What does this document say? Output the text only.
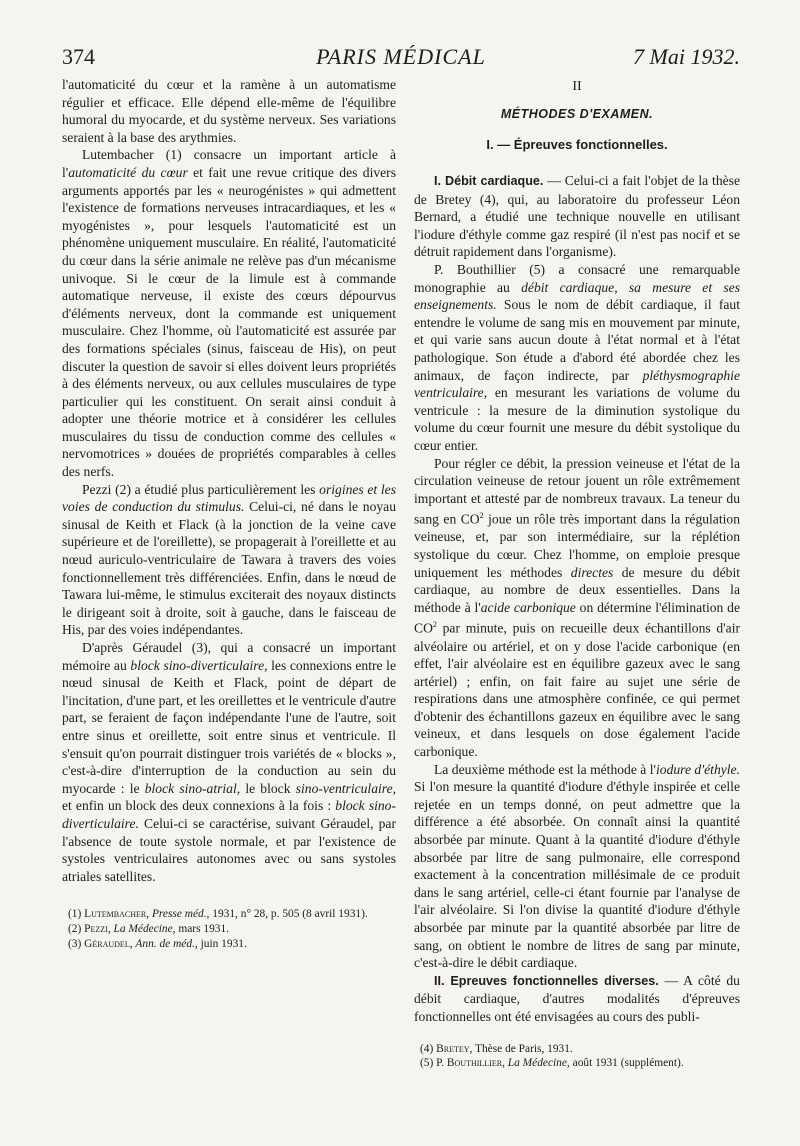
374	PARIS MÉDICAL	7 Mai 1932.

l'automaticité du cœur et la ramène à un automatisme régulier et efficace. Elle dépend elle-même de l'équilibre humoral du myocarde, et du système nerveux. Ses variations seraient à la base des arythmies.

Lutembacher (1) consacre un important article à l'automaticité du cœur et fait une revue critique des divers arguments apportés par les « neurogénistes » qui admettent l'existence de formations nerveuses intracardiaques, et les « myogénistes », pour lesquels l'automaticité est un phénomène uniquement musculaire. En réalité, l'automaticité du cœur dans la série animale ne relève pas d'un mécanisme univoque. Si le cœur de la limule est à commande automatique nerveuse, il existe des cœurs dépourvus d'éléments nerveux, dont la commande est uniquement musculaire. Chez l'homme, où l'automaticité est assurée par des formations spéciales (sinus, faisceau de His), on peut discuter la question de savoir si elles doivent leurs propriétés à des éléments nerveux, ou aux cellules musculaires de type particulier qui les constituent. On serait ainsi conduit à adopter une théorie motrice et à considérer les cellules musculaires du tissu de conduction comme des cellules « nervomotrices » douées de propriétés comparables à celles des nerfs.

Pezzi (2) a étudié plus particulièrement les origines et les voies de conduction du stimulus. Celui-ci, né dans le noyau sinusal de Keith et Flack (à la jonction de la veine cave supérieure et de l'oreillette), se propagerait à l'oreillette et au nœud auriculo-ventriculaire de Tawara à travers des voies fonctionnellement très différenciées. Enfin, dans le nœud de Tawara lui-même, le stimulus exciterait des noyaux distincts le dirigeant soit à droite, soit à gauche, dans le faisceau de His, par des voies indépendantes.

D'après Géraudel (3), qui a consacré un important mémoire au block sino-diverticulaire, les connexions entre le nœud sinusal de Keith et Flack, point de départ de l'incitation, d'une part, et les oreillettes et le ventricule d'autre part, se feraient de façon indépendante l'une de l'autre, soit entre sinus et oreillette, soit entre sinus et ventricule. Il s'ensuit qu'on pourrait distinguer trois variétés de « blocks », c'est-à-dire d'interruption de la conduction au sein du myocarde : le block sino-atrial, le block sino-ventriculaire, et enfin un block des deux connexions à la fois : block sino-diverticulaire. Celui-ci se caractérise, suivant Géraudel, par l'absence de toute systole normale, et par l'existence de systoles ventriculaires autonomes avec ou sans systoles atriales satellites.

(1) Lutembacher, Presse méd., 1931, n° 28, p. 505 (8 avril 1931).

(2) Pezzi, La Médecine, mars 1931.

(3) Géraudel, Ann. de méd., juin 1931.

II
MÉTHODES D'EXAMEN.
I. — Épreuves fonctionnelles.

I. Débit cardiaque. — Celui-ci a fait l'objet de la thèse de Bretey (4), qui, au laboratoire du professeur Léon Bernard, a étudié une technique nouvelle en utilisant l'iodure d'éthyle comme gaz respiré (il n'est pas nocif et se détruit rapidement dans l'organisme).

P. Bouthillier (5) a consacré une remarquable monographie au débit cardiaque, sa mesure et ses enseignements. Sous le nom de débit cardiaque, il faut entendre le volume de sang mis en mouvement par minute, et qui varie sans aucun doute à l'état normal et à l'état pathologique. Son étude a d'abord été abordée chez les animaux, de façon indirecte, par pléthysmographie ventriculaire, en mesurant les variations de volume du ventricule : la mesure de la diminution systolique du volume du cœur fournit une mesure du débit systolique du cœur entier.

Pour régler ce débit, la pression veineuse et l'état de la circulation veineuse de retour jouent un rôle extrêmement important et attesté par de nombreux travaux. La teneur du sang en $CO^2$ joue un rôle très important dans la régulation veineuse, et, par son intermédiaire, sur la réplétion systolique du cœur. Chez l'homme, on emploie presque uniquement les méthodes directes de mesure du débit cardiaque, au nombre de deux essentielles. Dans la méthode à l'acide carbonique on détermine l'élimination de $CO^2$ par minute, puis on recueille deux échantillons d'air alvéolaire ou artériel, et on y dose l'acide carbonique (en effet, l'air alvéolaire est en équilibre gazeux avec le sang artériel) ; enfin, on fait faire au sujet une série de respirations dans une atmosphère confinée, ce qui permet d'obtenir des échantillons gazeux en équilibre avec le sang veineux, et dans lesquels on dose également l'acide carbonique.

La deuxième méthode est la méthode à l'iodure d'éthyle. Si l'on mesure la quantité d'iodure d'éthyle inspirée et celle rejetée en un temps donné, on peut admettre que la différence a été absorbée. On connaît ainsi la quantité absorbée par minute. Quant à la quantité d'iodure d'éthyle absorbée par litre de sang pulmonaire, elle correspond exactement à la concentration millésimale de ce produit dans le sang artériel, celle-ci étant fournie par l'analyse de l'air alvéolaire. Si l'on divise la quantité d'iodure d'éthyle absorbée par minute par la quantité absorbée par litre de sang, on obtient le nombre de litres de sang par minute, c'est-à-dire le débit cardiaque.

II. Epreuves fonctionnelles diverses. — A côté du débit cardiaque, d'autres modalités d'épreuves fonctionnelles ont été envisagées au cours des publi-

(4) Bretey, Thèse de Paris, 1931.

(5) P. Bouthillier, La Médecine, août 1931 (supplément).
